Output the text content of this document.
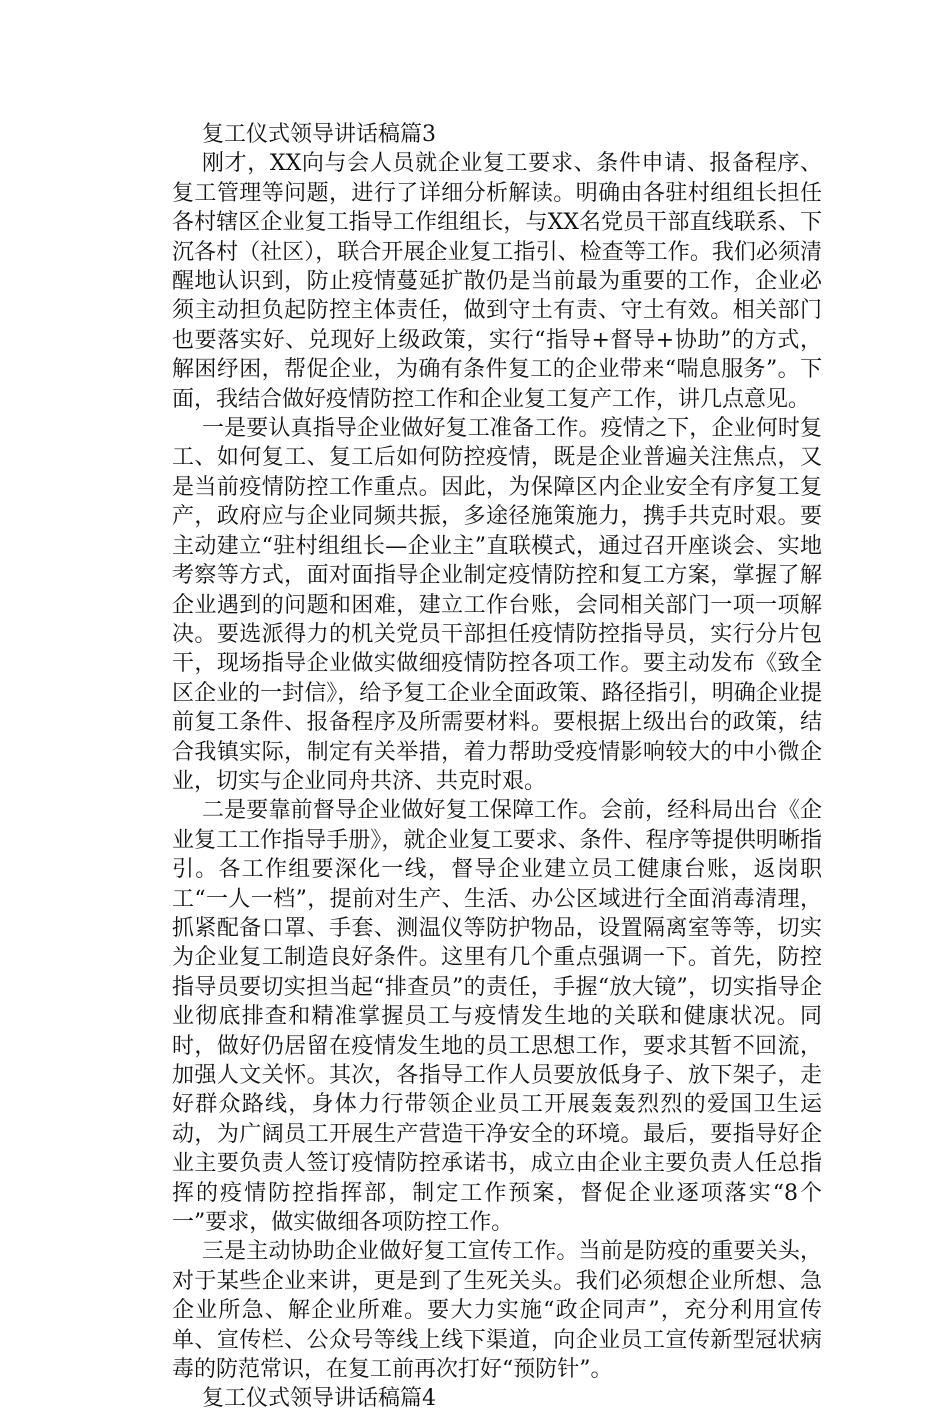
复工仪式领导讲话稿篇3

刚才，XX向与会人员就企业复工要求、条件申请、报备程序、复工管理等问题，进行了详细分析解读。明确由各驻村组组长担任各村辖区企业复工指导工作组组长，与XX名党员干部直线联系、下沉各村（社区），联合开展企业复工指引、检查等工作。我们必须清醒地认识到，防止疫情蔓延扩散仍是当前最为重要的工作，企业必须主动担负起防控主体责任，做到守土有责、守土有效。相关部门也要落实好、兑现好上级政策，实行“指导+督导+协助”的方式，解困纾困，帮促企业，为确有条件复工的企业带来“喘息服务”。下面，我结合做好疫情防控工作和企业复工复产工作，讲几点意见。

一是要认真指导企业做好复工准备工作。疫情之下，企业何时复工、如何复工、复工后如何防控疫情，既是企业普遍关注焦点，又是当前疫情防控工作重点。因此，为保障区内企业安全有序复工复产，政府应与企业同频共振，多途径施策施力，携手共克时艰。要主动建立“驻村组组长—企业主”直联模式，通过召开座谈会、实地考察等方式，面对面指导企业制定疫情防控和复工方案，掌握了解企业遇到的问题和困难，建立工作台账，会同相关部门一项一项解决。要选派得力的机关党员干部担任疫情防控指导员，实行分片包干，现场指导企业做实做细疫情防控各项工作。要主动发布《致全区企业的一封信》，给予复工企业全面政策、路径指引，明确企业提前复工条件、报备程序及所需要材料。要根据上级出台的政策，结合我镇实际，制定有关举措，着力帮助受疫情影响较大的中小微企业，切实与企业同舟共济、共克时艰。

二是要靠前督导企业做好复工保障工作。会前，经科局出台《企业复工工作指导手册》，就企业复工要求、条件、程序等提供明晰指引。各工作组要深化一线，督导企业建立员工健康台账，返岗职工“一人一档”，提前对生产、生活、办公区域进行全面消毒清理，抓紧配备口罩、手套、测温仪等防护物品，设置隔离室等等，切实为企业复工制造良好条件。这里有几个重点强调一下。首先，防控指导员要切实担当起“排查员”的责任，手握“放大镜”，切实指导企业彻底排查和精准掌握员工与疫情发生地的关联和健康状况。同时，做好仍居留在疫情发生地的员工思想工作，要求其暂不回流，加强人文关怀。其次，各指导工作人员要放低身子、放下架子，走好群众路线，身体力行带领企业员工开展轰轰烈烈的爱国卫生运动，为广阔员工开展生产营造干净安全的环境。最后，要指导好企业主要负责人签订疫情防控承诺书，成立由企业主要负责人任总指挥的疫情防控指挥部，制定工作预案，督促企业逐项落实“8个一”要求，做实做细各项防控工作。

三是主动协助企业做好复工宣传工作。当前是防疫的重要关头，对于某些企业来讲，更是到了生死关头。我们必须想企业所想、急企业所急、解企业所难。要大力实施“政企同声”，充分利用宣传单、宣传栏、公众号等线上线下渠道，向企业员工宣传新型冠状病毒的防范常识，在复工前再次打好“预防针”。

复工仪式领导讲话稿篇4
